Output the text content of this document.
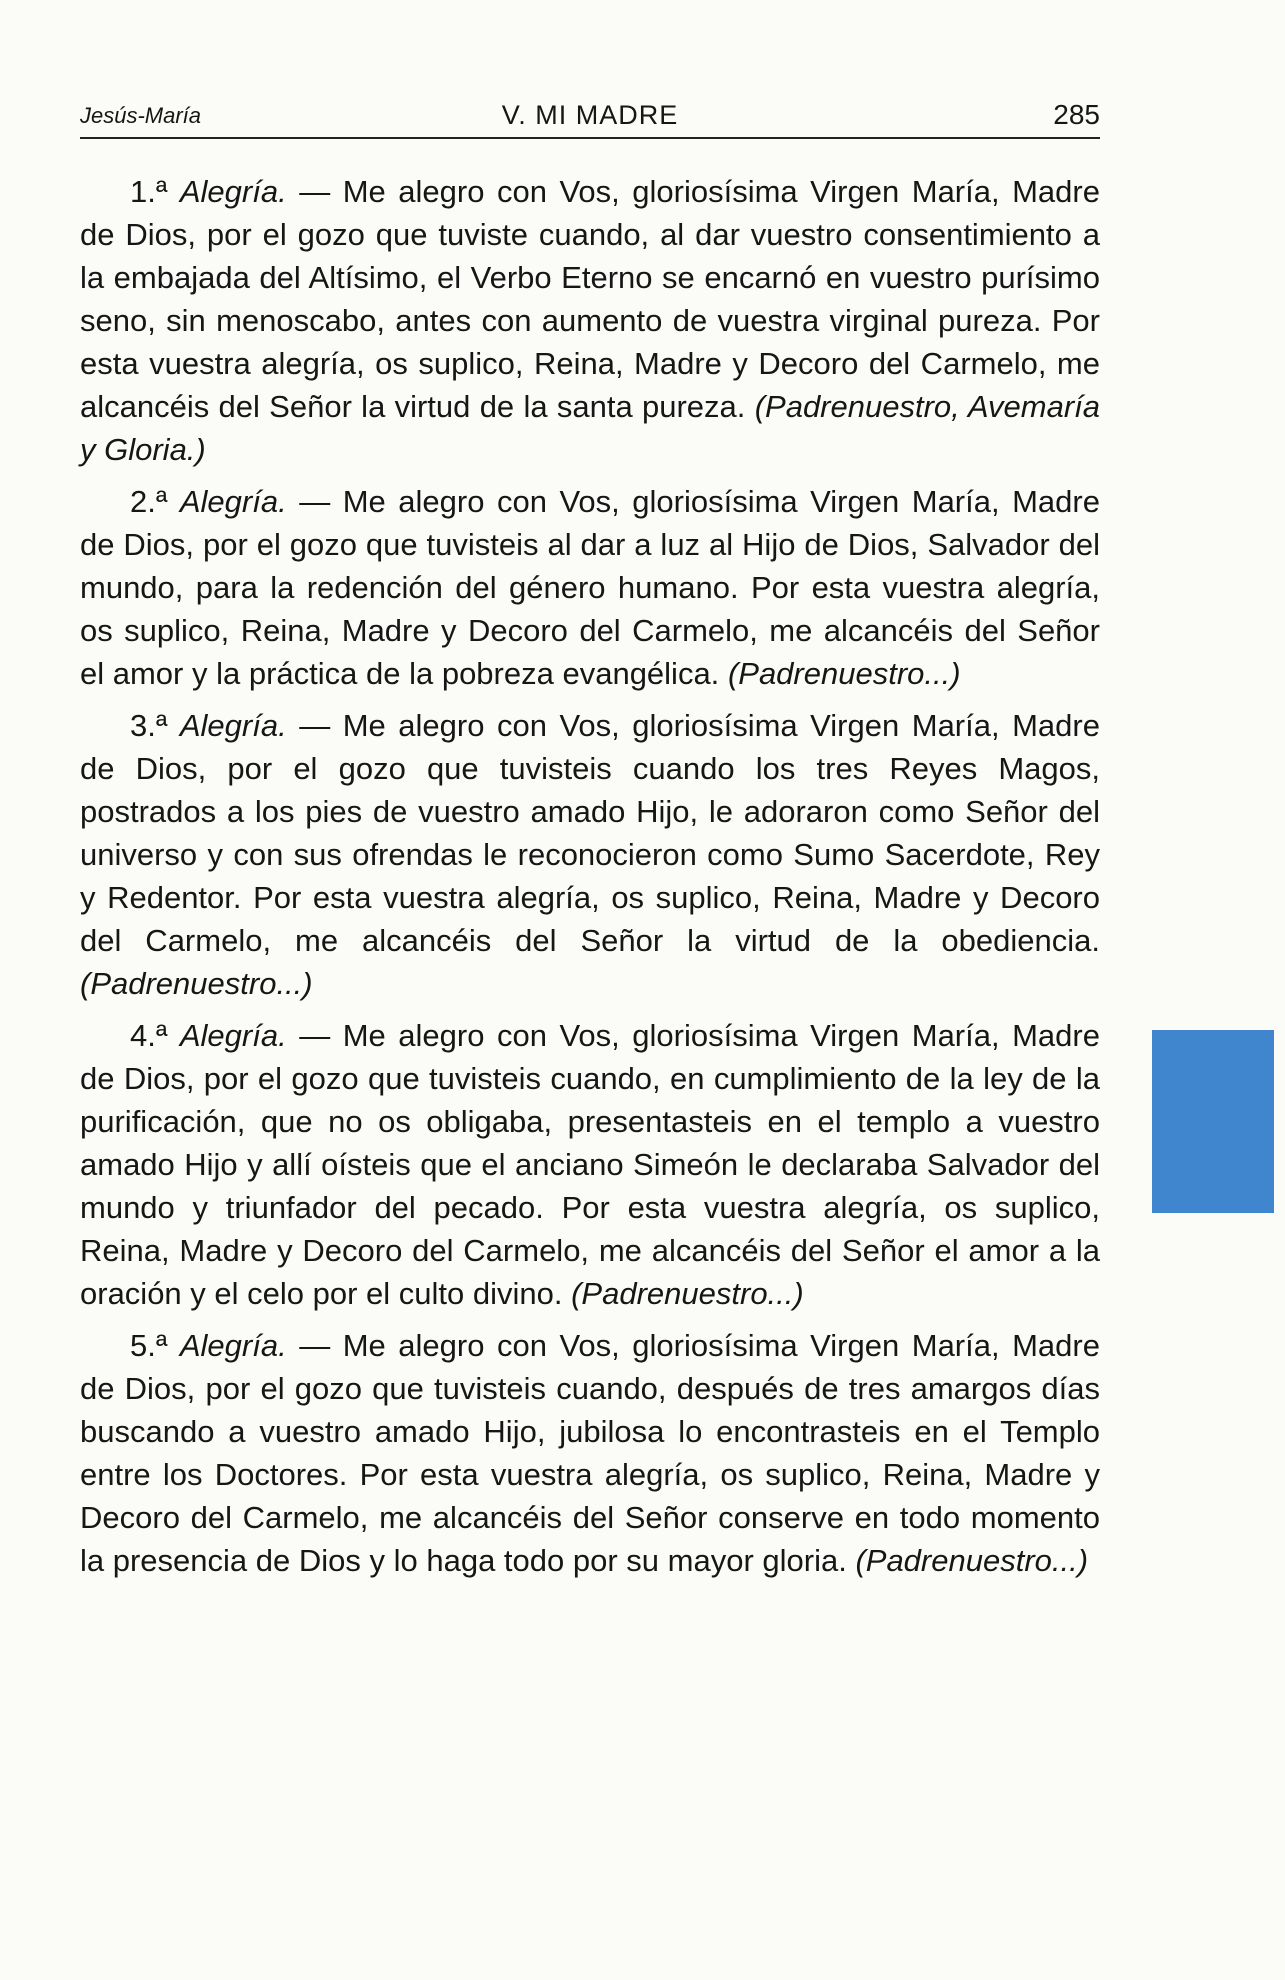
Jesús-María	V. MI MADRE	285

1.ª Alegría. — Me alegro con Vos, gloriosísima Virgen María, Madre de Dios, por el gozo que tuviste cuando, al dar vuestro consentimiento a la embajada del Altísimo, el Verbo Eterno se encarnó en vuestro purísimo seno, sin menoscabo, antes con aumento de vuestra virginal pureza. Por esta vuestra alegría, os suplico, Reina, Madre y Decoro del Carmelo, me alcancéis del Señor la virtud de la santa pureza. (Padrenuestro, Avemaría y Gloria.)

2.ª Alegría. — Me alegro con Vos, gloriosísima Virgen María, Madre de Dios, por el gozo que tuvisteis al dar a luz al Hijo de Dios, Salvador del mundo, para la redención del género humano. Por esta vuestra alegría, os suplico, Reina, Madre y Decoro del Carmelo, me alcancéis del Señor el amor y la práctica de la pobreza evangélica. (Padrenuestro...)

3.ª Alegría. — Me alegro con Vos, gloriosísima Virgen María, Madre de Dios, por el gozo que tuvisteis cuando los tres Reyes Magos, postrados a los pies de vuestro amado Hijo, le adoraron como Señor del universo y con sus ofrendas le reconocieron como Sumo Sacerdote, Rey y Redentor. Por esta vuestra alegría, os suplico, Reina, Madre y Decoro del Carmelo, me alcancéis del Señor la virtud de la obediencia. (Padrenuestro...)

4.ª Alegría. — Me alegro con Vos, gloriosísima Virgen María, Madre de Dios, por el gozo que tuvisteis cuando, en cumplimiento de la ley de la purificación, que no os obligaba, presentasteis en el templo a vuestro amado Hijo y allí oísteis que el anciano Simeón le declaraba Salvador del mundo y triunfador del pecado. Por esta vuestra alegría, os suplico, Reina, Madre y Decoro del Carmelo, me alcancéis del Señor el amor a la oración y el celo por el culto divino. (Padrenuestro...)

5.ª Alegría. — Me alegro con Vos, gloriosísima Virgen María, Madre de Dios, por el gozo que tuvisteis cuando, después de tres amargos días buscando a vuestro amado Hijo, jubilosa lo encontrasteis en el Templo entre los Doctores. Por esta vuestra alegría, os suplico, Reina, Madre y Decoro del Carmelo, me alcancéis del Señor conserve en todo momento la presencia de Dios y lo haga todo por su mayor gloria. (Padrenuestro...)
